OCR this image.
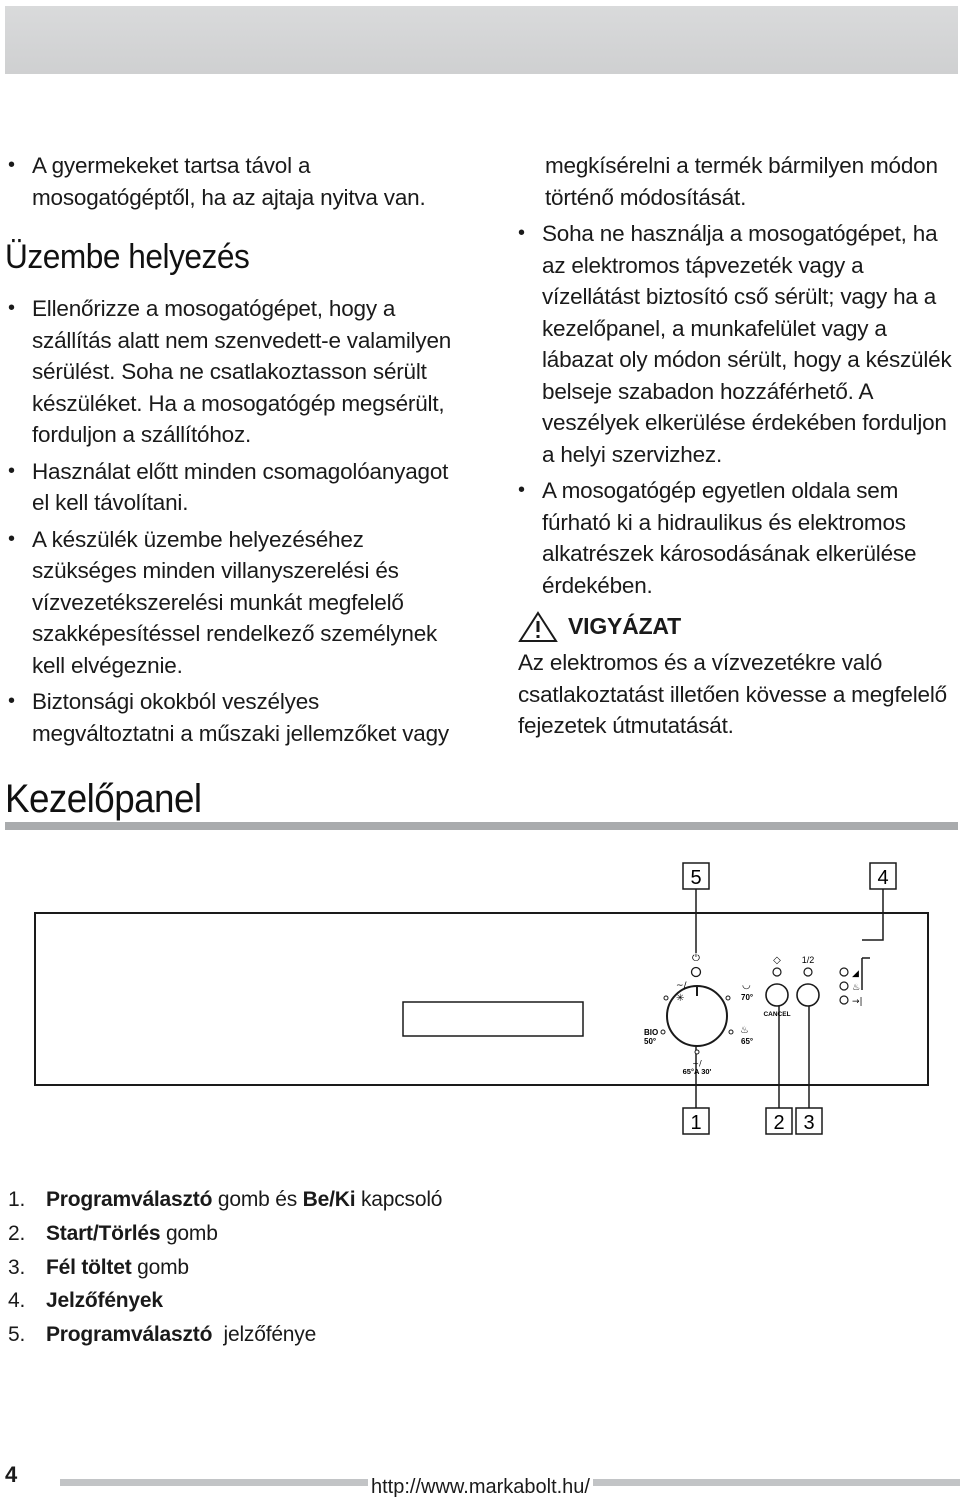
• A gyermekeket tartsa távol a mosogatógéptől, ha az ajtaja nyitva van.
Üzembe helyezés
• Ellenőrizze a mosogatógépet, hogy a szállítás alatt nem szenvedett-e valamilyen sérülést. Soha ne csatlakoztasson sérült készüléket. Ha a mosogatógép megsérült, forduljon a szállítóhoz.
• Használat előtt minden csomagolóanyagot el kell távolítani.
• A készülék üzembe helyezéséhez szükséges minden villanyszerelési és vízvezetékszerelési munkát megfelelő szakképesítéssel rendelkező személynek kell elvégeznie.
• Biztonsági okokból veszélyes megváltoztatni a műszaki jellemzőket vagy
megkísérelni a termék bármilyen módon történő módosítását.
• Soha ne használja a mosogatógépet, ha az elektromos tápvezeték vagy a vízellátást biztosító cső sérült; vagy ha a kezelőpanel, a munkafelület vagy a lábazat oly módon sérült, hogy a készülék belseje szabadon hozzáférhető. A veszélyek elkerülése érdekében forduljon a helyi szervizhez.
• A mosogatógép egyetlen oldala sem fúrható ki a hidraulikus és elektromos alkatrészek károsodásának elkerülése érdekében.
VIGYÁZAT
Az elektromos és a vízvezetékre való csatlakoztatást illetően kövesse a megfelelő fejezetek útmutatását.
Kezelőpanel
5	4
1	2 3
⏻
~/
✳
◡
70°
BIO
50°
♨
65°
~/
65°A 30'
◇
CANCEL
1/2
◢
♨
→|
1. Programválasztó gomb és Be/Ki kapcsoló
2. Start/Törlés gomb
3. Fél töltet gomb
4. Jelzőfények
5. Programválasztó  jelzőfénye
4	http://www.markabolt.hu/
